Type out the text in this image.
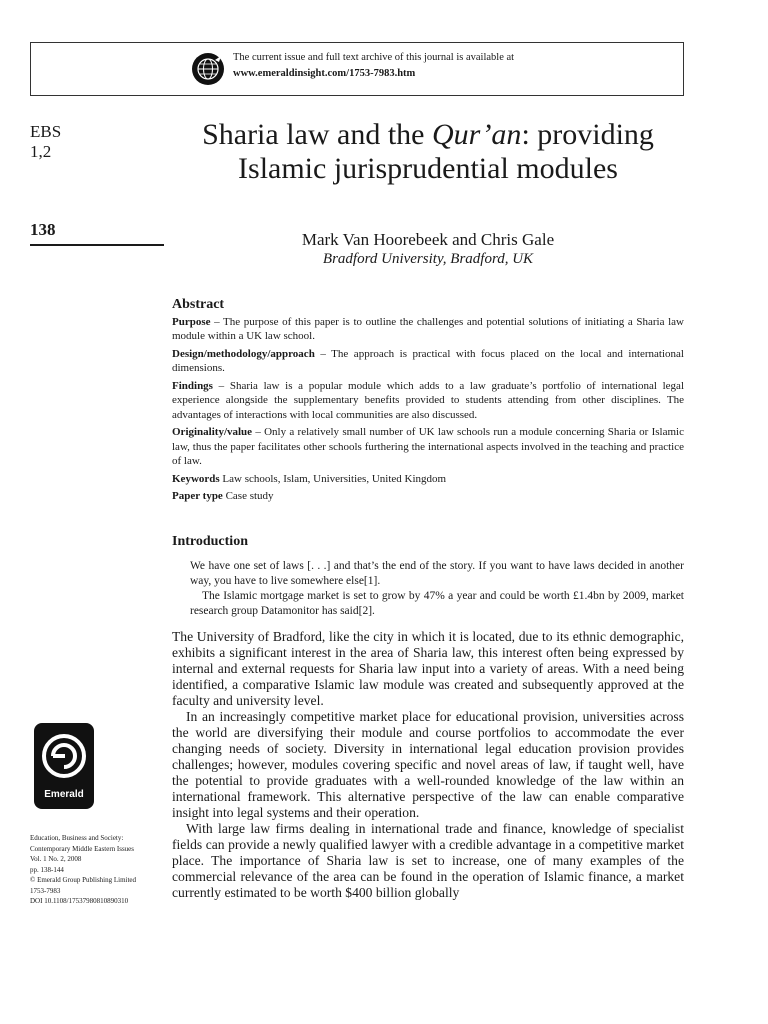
The current issue and full text archive of this journal is available at
www.emeraldinsight.com/1753-7983.htm
EBS
1,2
138
Sharia law and the Qur’an: providing Islamic jurisprudential modules
Mark Van Hoorebeek and Chris Gale
Bradford University, Bradford, UK
Abstract

Purpose – The purpose of this paper is to outline the challenges and potential solutions of initiating a Sharia law module within a UK law school.

Design/methodology/approach – The approach is practical with focus placed on the local and international dimensions.

Findings – Sharia law is a popular module which adds to a law graduate’s portfolio of international legal experience alongside the supplementary benefits provided to students attending from other disciplines. The advantages of interactions with local communities are also discussed.

Originality/value – Only a relatively small number of UK law schools run a module concerning Sharia or Islamic law, thus the paper facilitates other schools furthering the international aspects involved in the teaching and practice of law.

Keywords Law schools, Islam, Universities, United Kingdom

Paper type Case study

Introduction

We have one set of laws [. . .] and that’s the end of the story. If you want to have laws decided in another way, you have to live somewhere else[1].

The Islamic mortgage market is set to grow by 47% a year and could be worth £1.4bn by 2009, market research group Datamonitor has said[2].

The University of Bradford, like the city in which it is located, due to its ethnic demographic, exhibits a significant interest in the area of Sharia law, this interest often being expressed by internal and external requests for Sharia law input into a variety of areas. With a need being identified, a comparative Islamic law module was created and subsequently approved at the faculty and university level.

In an increasingly competitive market place for educational provision, universities across the world are diversifying their module and course portfolios to accommodate the ever changing needs of society. Diversity in international legal education provision provides challenges; however, modules covering specific and novel areas of law, if taught well, have the potential to provide graduates with a well-rounded knowledge of the law within an international framework. This alternative perspective of the law can enable comparative insight into legal systems and their operation.

With large law firms dealing in international trade and finance, knowledge of specialist fields can provide a newly qualified lawyer with a credible advantage in a competitive market place. The importance of Sharia law is set to increase, one of many examples of the commercial relevance of the area can be found in the operation of Islamic finance, a market currently estimated to be worth $400 billion globally

Emerald
Education, Business and Society:
Contemporary Middle Eastern Issues
Vol. 1 No. 2, 2008
pp. 138-144
© Emerald Group Publishing Limited
1753-7983
DOI 10.1108/17537980810890310
